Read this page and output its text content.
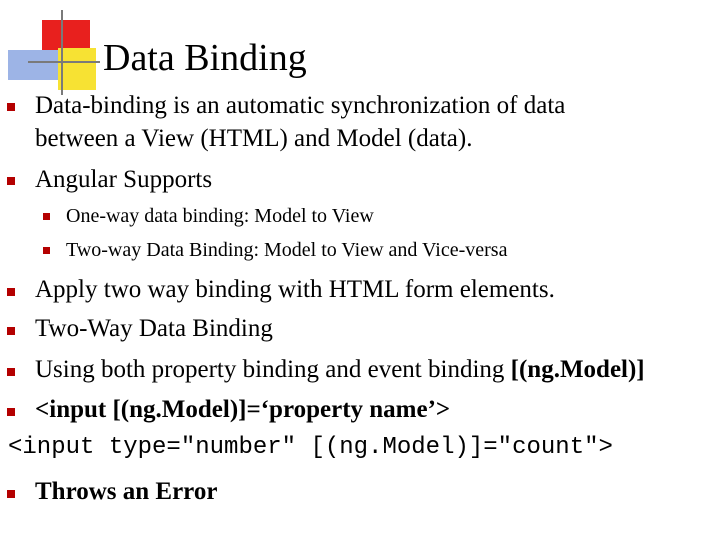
Data Binding
Data-binding is an automatic synchronization of data
between a View (HTML) and Model (data).
Angular Supports
One-way data binding: Model to View
Two-way Data Binding: Model to View and Vice-versa
Apply two way binding with HTML form elements.
Two-Way Data Binding
Using both property binding and event binding [(ng.Model)]
<input [(ng.Model)]=‘property name’>
<input type="number" [(ng.Model)]="count">
Throws an Error
